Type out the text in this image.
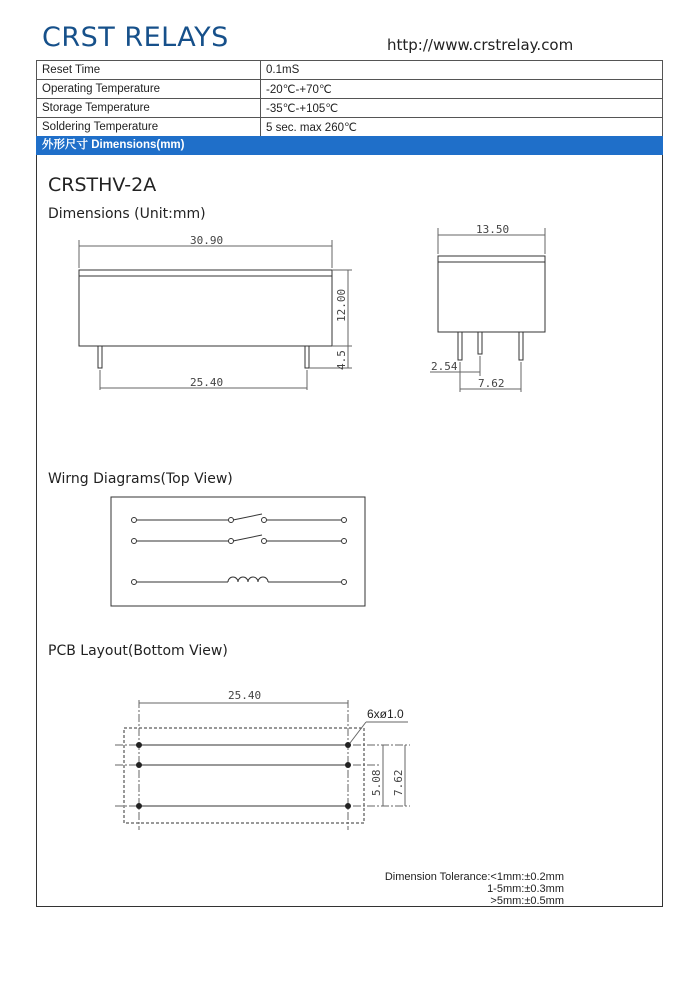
CRST RELAYS	http://www.crstrelay.com
Reset Time	0.1mS
Operating Temperature	-20℃-+70℃
Storage Temperature	-35℃-+105℃
Soldering Temperature	5 sec. max 260℃
外形尺寸 Dimensions(mm)
CRSTHV-2A
Dimensions (Unit:mm)
Wirng Diagrams(Top View)
PCB Layout(Bottom View)
30.90
12.00
4.5
25.40
13.50
2.54
7.62
25.40
6xø1.0
5.08 7.62
Dimension Tolerance:<1mm:±0.2mm
1-5mm:±0.3mm
>5mm:±0.5mm
